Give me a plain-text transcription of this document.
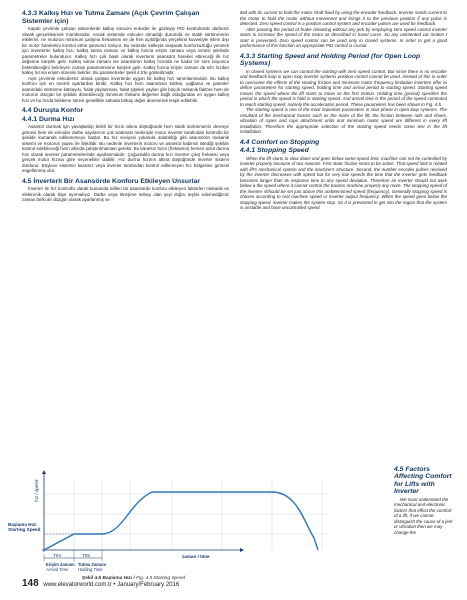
4.3.3 Kalkış Hızı ve Tutma Zamanı (Açık Çevrim Çalışan Sistemler için)

Kapalı çevrimle çalışan sistemlerde kalkış sürecini enkoder ile gözleyip PID kontrolünde darbesiz olarak gerçekleşmek mümkündür. Ancak sistemde enkoder olmadığı durumda ne statik sürtünmenin etkilerini, ne motorun minimum çalışma frekansını ne de fren açıldığında yerçekimi kuvvetiyle istem dışı bir motor hareketini kontrol etme şansımız kalıyor. Bu nedenle kalkışta oluşacak konforsuzluğu yenmek için invertörler kalkış hızı, kalkış tutma zamanı ve kalkış hızına erişim zamanı veya ivmesi şeklinde parametreler bulundurur. Kalkış hızı çok basit olarak inverterin asansörü hareket ettireceği ilk hız değerine karşılık gelir. Kalkış tutma zamanı ise asansörün kalkış hızında ne kadar bir süre boyunca bekletileceğini belirleyen zaman parametresine karşılık gelir. Kalkış hızına erişim zamanı da sıfır hızdan kalkış hızına erişim süresini belirler. Bu parametreler Şekil 4.5'te gösterilmiştir.

Açık çevrimle enkodersiz olarak çalışan inverterde uygun bir kalkış hızı tanımlanmalıdır. Bu kalkış konforu için en önemli ayarlardan biridir. Kalkış hızı hem asansörün kütlesi, yağlama ve patenler arasındaki sürtünme katsayısı, halat yaylanması, halat şişeleri yayları gibi birçok mekanik faktöre hem de motorun düzgün bir şekilde dönebileceği minimum frekans değerine bağlı olduğundan en uygun kalkış hızı ve bu hızda bekleme süresi genellikle sahada birkaç değer denenerek tespit edilebilir.

4.4 Duruşta Konfor
4.4.1 Durma Hızı

Asansör durmak için yavaşlatılıp belirli bir hızın altına düştüğünde hem statik sürtünmenin devreye girmesi hem de enkoder darbe sayılarının çok azalması nedeniyle motor inverter tarafından kontrollü bir şekilde kumanda edilememeye başlar. Bu hız seviyesi yukarıda anlatıldığı gibi asansörün mekanik sistemi ve motorun yapısı ile ilişkilidir. Bu nedenle inverterin motoru ve asansör kabinini istediği şekilde kontrol edebileceği hızın altında çalıştırılmaması gerekir. Bu kararsız hızın (frekansın) hemen üzeri durma hızı olarak inverter parametrelerinde ayarlanmalıdır. Çoğunlukla durma hızı inverter çıkış frekansı veya gerçek motor hızına göre seçenekler olabilir. Hız durma hızının altına düştüğünde inverter sistemi durdurur. Böylece sistemin kararsız veya inverter tarafından kontrol edilemeyen hız bölgesine girmesi engellenmiş olur.

4.5 İnverterli Bir Asansörde Konforu Etkileyen Unsurlar

İnverter ile hız kontrollü olarak kumanda edilen bir asansörde konforu etkileyen faktörleri mekanik ve elektronik olarak ikiye ayırmalıyız. Darbe veya titreşime sebep olan şeyi doğru teşhis edemediğimiz zaman belki de düzgün olarak ayarlanmış ve

ited with dc current to hold the motor shaft fixed by using the encoder feedback. Inverter sends current to the motor to hold the motor without movement and brings it to the previous position if any pulse is detected. Zero speed control is a position control system and encoder pulses are used for feedback.

After passing the period of brake releasing without any jerk by employing zero speed control inverter starts to increase the speed of the motor as described in travel curve. So any unintented car motion t start is prevented. Zero speed control can be used only in closed systems. In order to get a good performance of this function an appropriate PID control is crucial.

4.3.3 Starting Speed and Holding Period (for Open Loop Systems)

In closed systems we can control the starting with zero speed control. But since there is no encoder and feedback loop in open loop inverter systems position control cannot be used. Instead of this in order to overcome the effects of the starting friction and minimum motor frequency limitation inverters offer to define parameters for starting speed, holding time and arrival period to starting speed. Starting speed means the speed where the lift starts to move as the first motion. Holding time (period) specifies the period in which the speed is hold in starting speed. And arrival time is the period of the speed command to reach starting speed, namely the acceleration period. These parameters has been shown in Fig. 4.5.

The starting speed is one of the most important parameters in start phase in open loop systems. The resultant of the mechanical factors such as the mass of the lift, the friction between rails and shoes, vibration of ropes and rope attachment units and minimum motor speed are different in every lift installation. Therefore the appropriate selection of the starting speed needs some test in the lift installation.

4.4 Comfort on Stopping
4.4.1 Stopping Speed

When the lift starts to slow down and goes below some speed limit, machine can not be controlled by inverter properly because of two reasons. First static friction starts to be active. That speed limit is related with lift's mechanical system and the machine's structure. Second, the number encoder pulses received by the inverter decreases with speed but for very low speeds the time that the inverter gets feedback becomes longer than its response time to any speed deviation. Therefore an inverter should not work below a the speed where it cannot control the traction machine properly any more. The stopping speed of the inverter shhould be set just above this undetermined speed (frequency). Generally stopping speed is chosen according to real machine speed or inverter output frequency. When the speed goes below the stopping speed, inverter makes the system stop. So it is prevented to get into the region that the system is unstable and have uncontrolled speed.

hız / speed
Başlama Hızı
Starting Speed
T04	T05	zaman / time
Erişim Zamanı
Arrival Time
Tutma Zamanı
Holding Time
Şekil 4.5 Başlama Hızı / Fig. 4.5 Starting Speed
4.5 Factors Affecting Comfort for Lifts with Inverter

We must understand the mechanical and electronic factors that effect the comfort of a lift. If we cannot distinguish the cause of a jerk or vibration then we may change the

148 www.elevatorworld.com.tr • January/February 2016
